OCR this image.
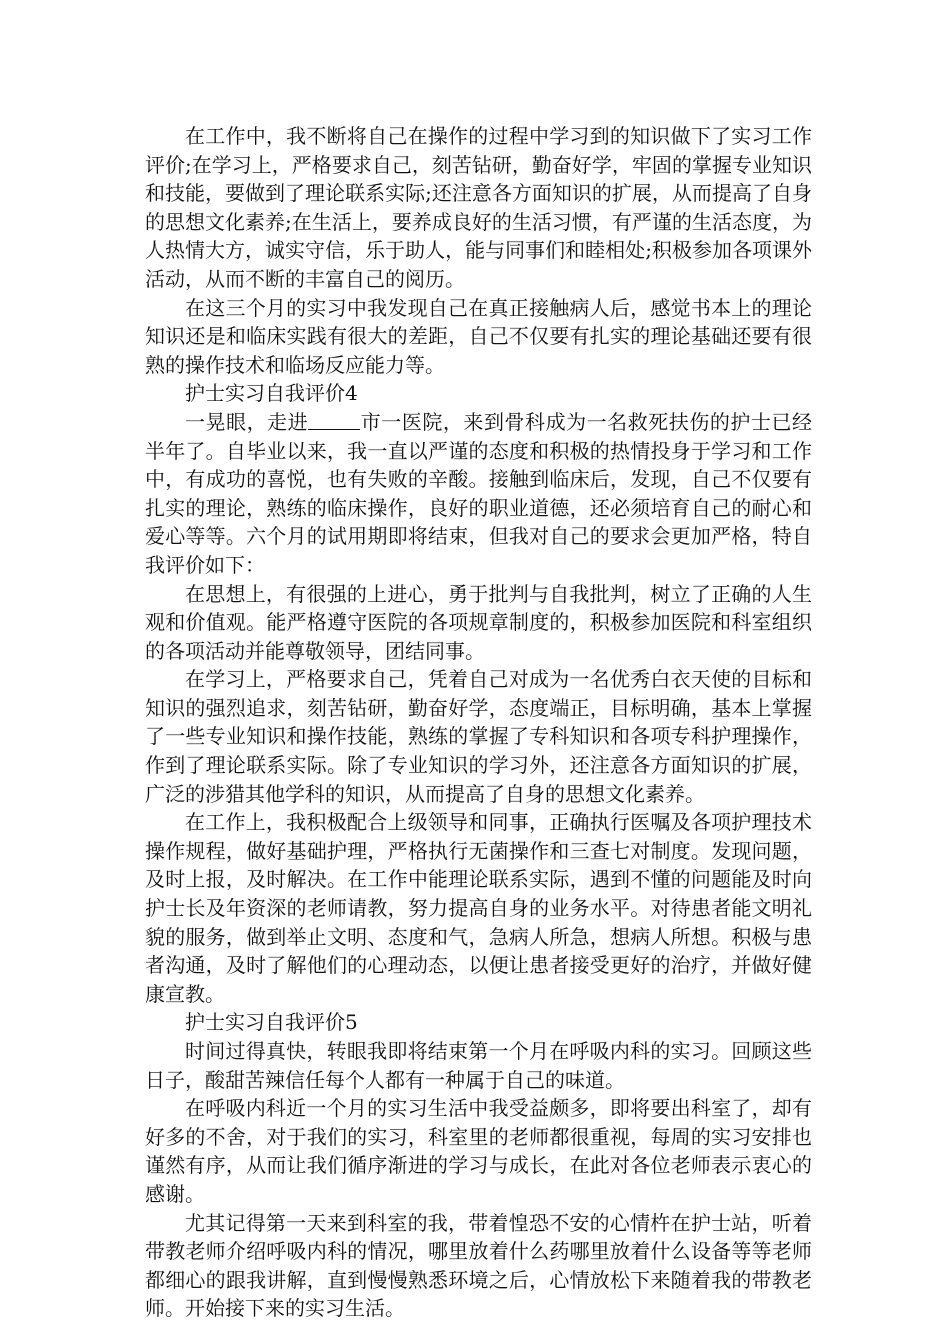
在工作中，我不断将自己在操作的过程中学习到的知识做下了实习工作评价;在学习上，严格要求自己，刻苦钻研，勤奋好学，牢固的掌握专业知识和技能，要做到了理论联系实际;还注意各方面知识的扩展，从而提高了自身的思想文化素养;在生活上，要养成良好的生活习惯，有严谨的生活态度，为人热情大方，诚实守信，乐于助人，能与同事们和睦相处;积极参加各项课外活动，从而不断的丰富自己的阅历。

在这三个月的实习中我发现自己在真正接触病人后，感觉书本上的理论知识还是和临床实践有很大的差距，自己不仅要有扎实的理论基础还要有很熟的操作技术和临场反应能力等。

护士实习自我评价4

一晃眼，走进	市一医院，来到骨科成为一名救死扶伤的护士已经半年了。自毕业以来，我一直以严谨的态度和积极的热情投身于学习和工作中，有成功的喜悦，也有失败的辛酸。接触到临床后，发现，自己不仅要有扎实的理论，熟练的临床操作，良好的职业道德，还必须培育自己的耐心和爱心等等。六个月的试用期即将结束，但我对自己的要求会更加严格，特自我评价如下：

在思想上，有很强的上进心，勇于批判与自我批判，树立了正确的人生观和价值观。能严格遵守医院的各项规章制度的，积极参加医院和科室组织的各项活动并能尊敬领导，团结同事。

在学习上，严格要求自己，凭着自己对成为一名优秀白衣天使的目标和知识的强烈追求，刻苦钻研，勤奋好学，态度端正，目标明确，基本上掌握了一些专业知识和操作技能，熟练的掌握了专科知识和各项专科护理操作，作到了理论联系实际。除了专业知识的学习外，还注意各方面知识的扩展，广泛的涉猎其他学科的知识，从而提高了自身的思想文化素养。

在工作上，我积极配合上级领导和同事，正确执行医嘱及各项护理技术操作规程，做好基础护理，严格执行无菌操作和三查七对制度。发现问题，及时上报，及时解决。在工作中能理论联系实际，遇到不懂的问题能及时向护士长及年资深的老师请教，努力提高自身的业务水平。对待患者能文明礼貌的服务，做到举止文明、态度和气，急病人所急，想病人所想。积极与患者沟通，及时了解他们的心理动态，以便让患者接受更好的治疗，并做好健康宣教。

护士实习自我评价5

时间过得真快，转眼我即将结束第一个月在呼吸内科的实习。回顾这些日子，酸甜苦辣信任每个人都有一种属于自己的味道。

在呼吸内科近一个月的实习生活中我受益颇多，即将要出科室了，却有好多的不舍，对于我们的实习，科室里的老师都很重视，每周的实习安排也谨然有序，从而让我们循序渐进的学习与成长，在此对各位老师表示衷心的感谢。

尤其记得第一天来到科室的我，带着惶恐不安的心情杵在护士站，听着带教老师介绍呼吸内科的情况，哪里放着什么药哪里放着什么设备等等老师都细心的跟我讲解，直到慢慢熟悉环境之后，心情放松下来随着我的带教老师。开始接下来的实习生活。
